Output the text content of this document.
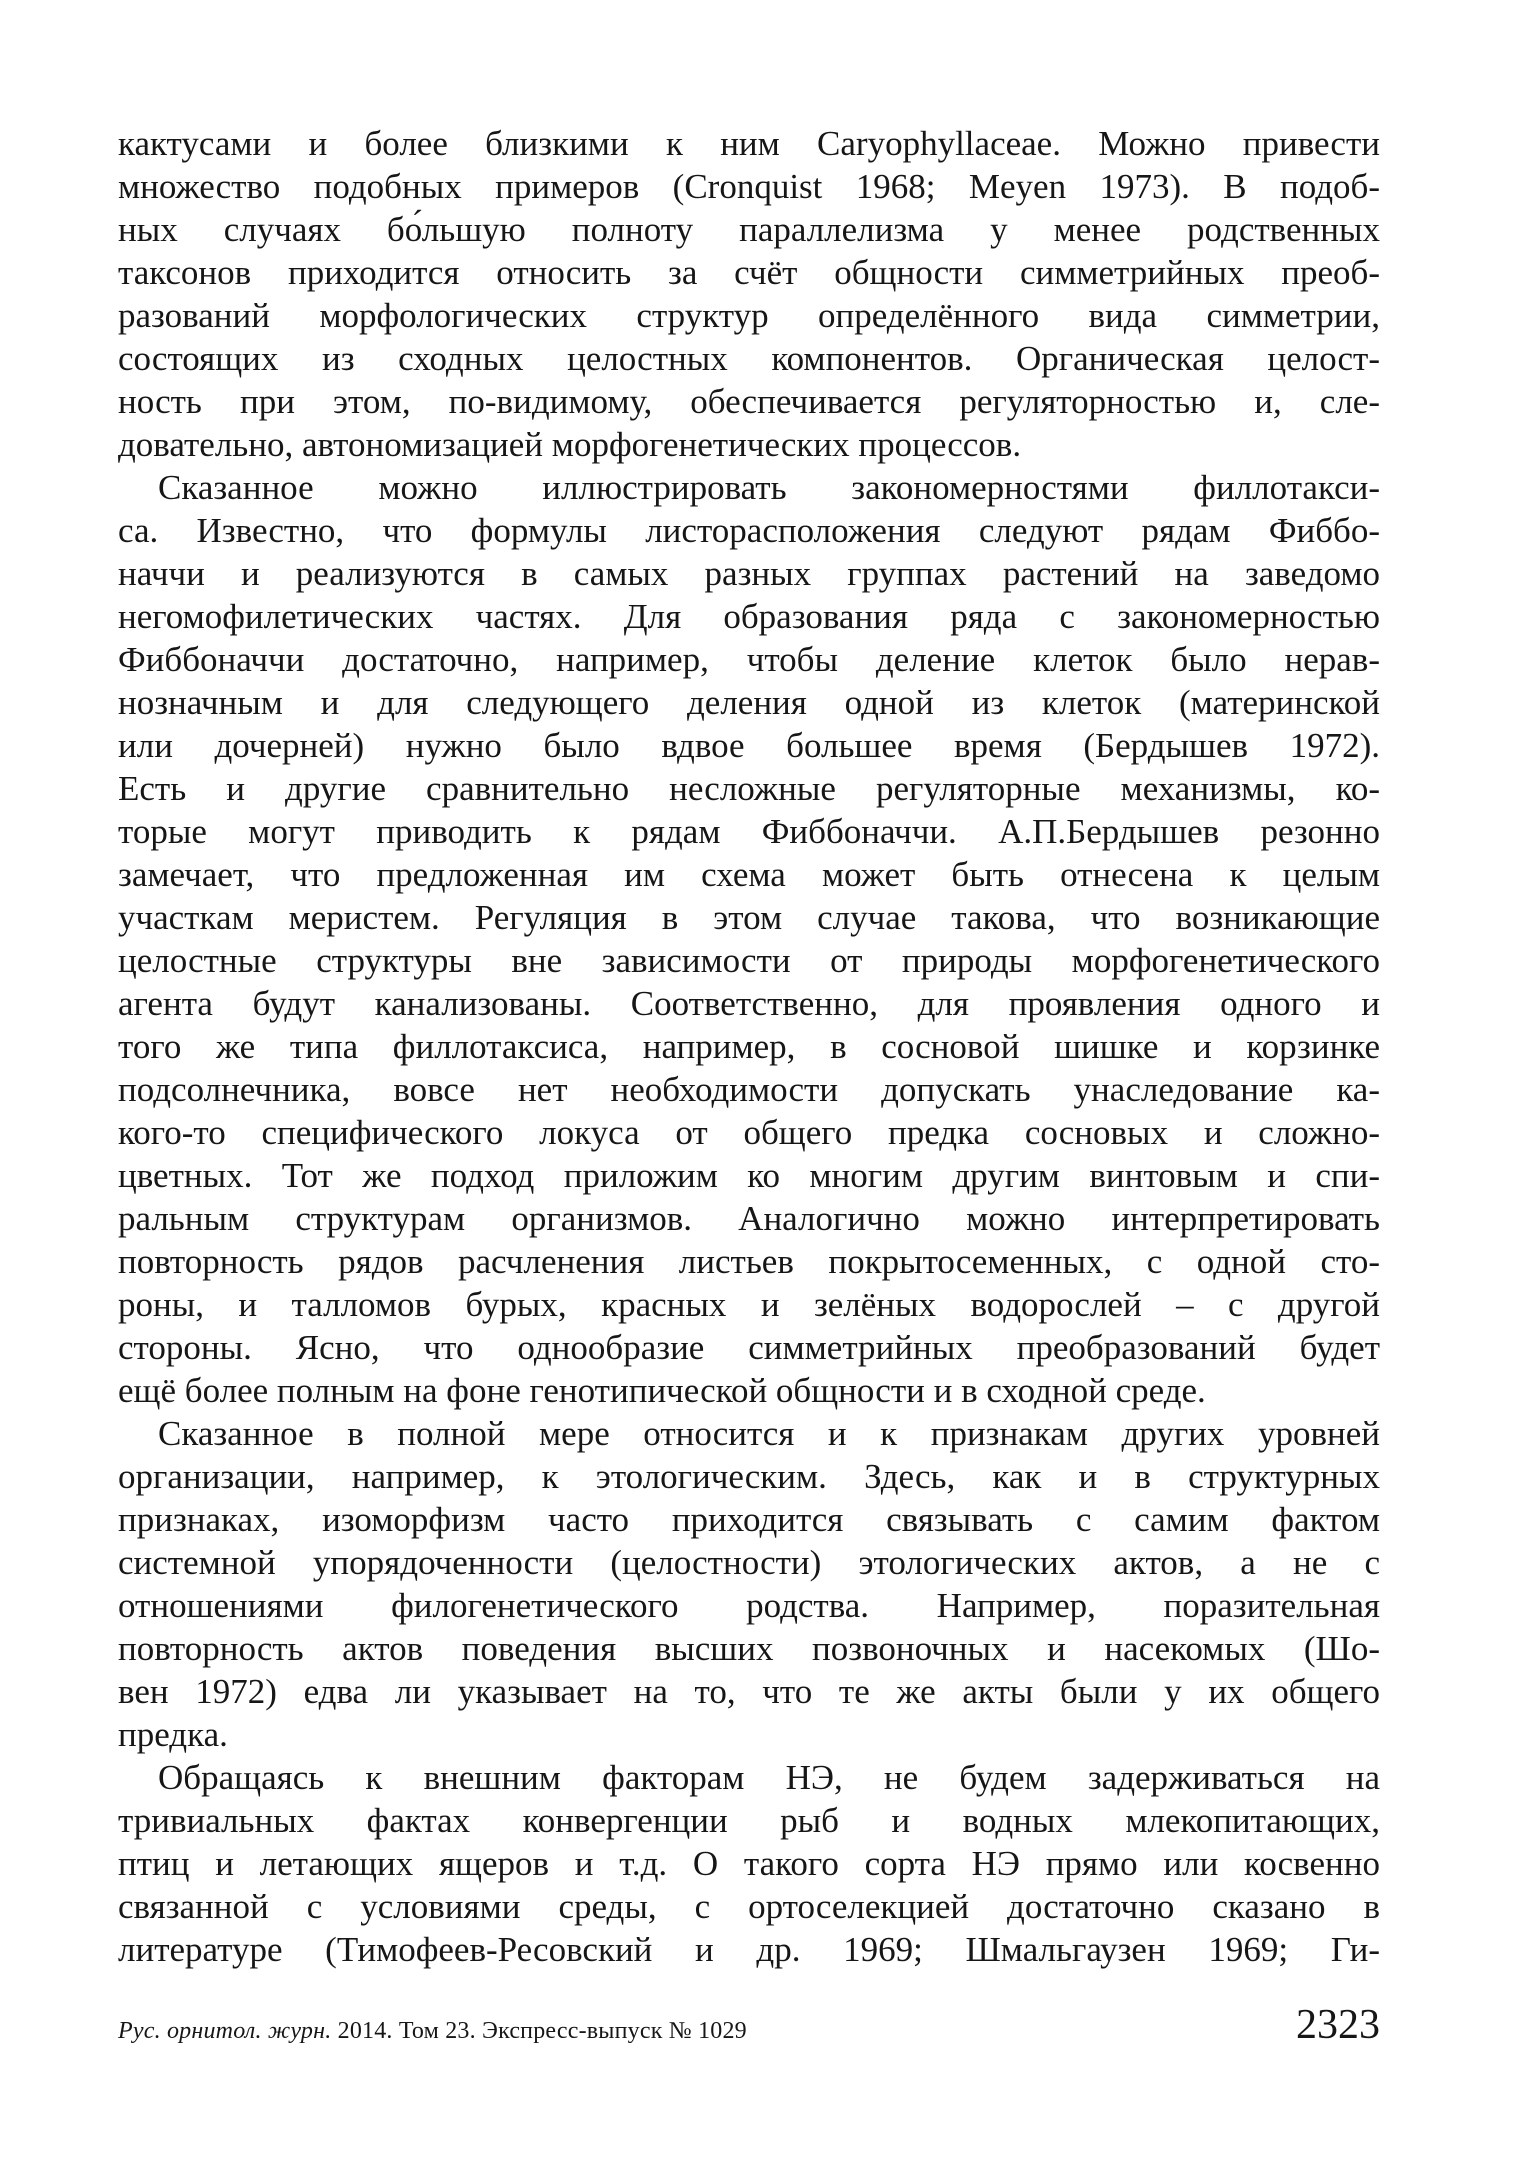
кактусами и более близкими к ним Caryophyllaceae. Можно привести
множество подобных примеров (Cronquist 1968; Meyen 1973). В подоб-
ных случаях бо́льшую полноту параллелизма у менее родственных
таксонов приходится относить за счёт общности симметрийных преоб-
разований морфологических структур определённого вида симметрии,
состоящих из сходных целостных компонентов. Органическая целост-
ность при этом, по-видимому, обеспечивается регуляторностью и, сле-
довательно, автономизацией морфогенетических процессов.
Сказанное можно иллюстрировать закономерностями филлотакси-
са. Известно, что формулы листорасположения следуют рядам Фиббо-
наччи и реализуются в самых разных группах растений на заведомо
негомофилетических частях. Для образования ряда с закономерностью
Фиббоначчи достаточно, например, чтобы деление клеток было нерав-
нозначным и для следующего деления одной из клеток (материнской
или дочерней) нужно было вдвое большее время (Бердышев 1972).
Есть и другие сравнительно несложные регуляторные механизмы, ко-
торые могут приводить к рядам Фиббоначчи. А.П.Бердышев резонно
замечает, что предложенная им схема может быть отнесена к целым
участкам меристем. Регуляция в этом случае такова, что возникающие
целостные структуры вне зависимости от природы морфогенетического
агента будут канализованы. Соответственно, для проявления одного и
того же типа филлотаксиса, например, в сосновой шишке и корзинке
подсолнечника, вовсе нет необходимости допускать унаследование ка-
кого-то специфического локуса от общего предка сосновых и сложно-
цветных. Тот же подход приложим ко многим другим винтовым и спи-
ральным структурам организмов. Аналогично можно интерпретировать
повторность рядов расчленения листьев покрытосеменных, с одной сто-
роны, и талломов бурых, красных и зелёных водорослей – с другой
стороны. Ясно, что однообразие симметрийных преобразований будет
ещё более полным на фоне генотипической общности и в сходной среде.
Сказанное в полной мере относится и к признакам других уровней
организации, например, к этологическим. Здесь, как и в структурных
признаках, изоморфизм часто приходится связывать с самим фактом
системной упорядоченности (целостности) этологических актов, а не с
отношениями филогенетического родства. Например, поразительная
повторность актов поведения высших позвоночных и насекомых (Шо-
вен 1972) едва ли указывает на то, что те же акты были у их общего
предка.
Обращаясь к внешним факторам НЭ, не будем задерживаться на
тривиальных фактах конвергенции рыб и водных млекопитающих,
птиц и летающих ящеров и т.д. О такого сорта НЭ прямо или косвенно
связанной с условиями среды, с ортоселекцией достаточно сказано в
литературе (Тимофеев-Ресовский и др. 1969; Шмальгаузен 1969; Ги-
Рус. орнитол. журн. 2014. Том 23. Экспресс-выпуск № 1029	2323
